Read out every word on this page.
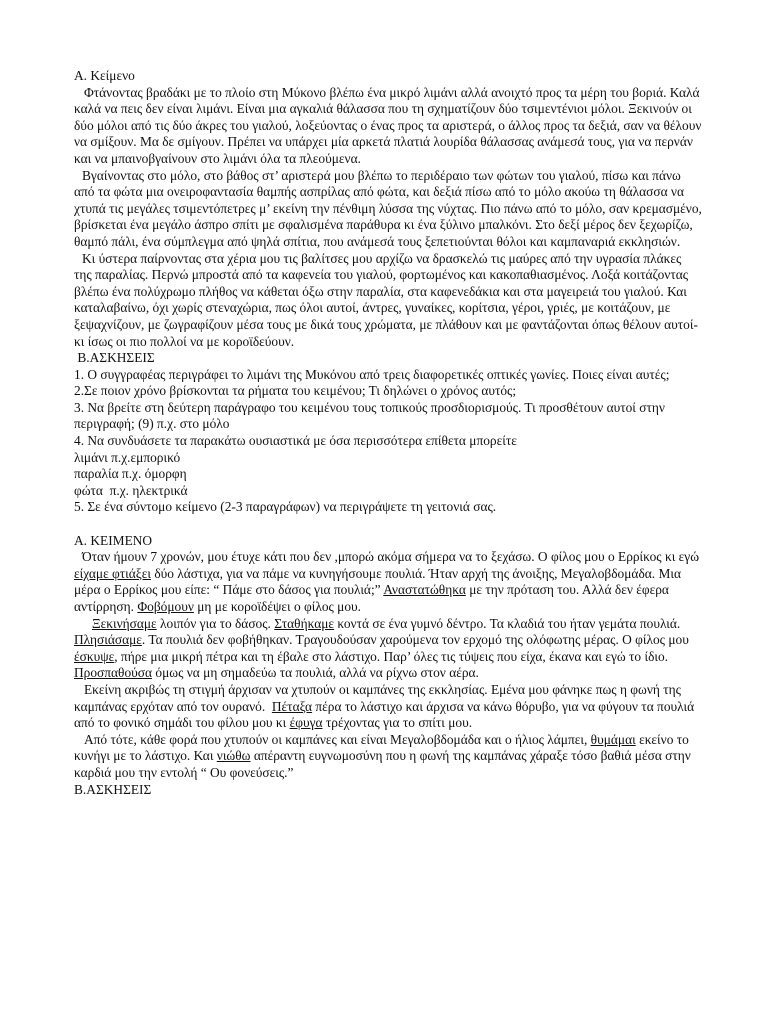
A. Κείμενο

Φτάνοντας βραδάκι με το πλοίο στη Μύκονο βλέπω ένα μικρό λιμάνι αλλά ανοιχτό προς τα μέρη του βοριά. Καλά καλά να πεις δεν είναι λιμάνι. Είναι μια αγκαλιά θάλασσα που τη σχηματίζουν δύο τσιμεντένιοι μόλοι. Ξεκινούν οι δύο μόλοι από τις δύο άκρες του γιαλού, λοξεύοντας ο ένας προς τα αριστερά, ο άλλος προς τα δεξιά, σαν να θέλουν να σμίξουν. Μα δε σμίγουν. Πρέπει να υπάρχει μία αρκετά πλατιά λουρίδα θάλασσας ανάμεσά τους, για να περνάν και να μπαινοβγαίνουν στο λιμάνι όλα τα πλεούμενα.

Βγαίνοντας στο μόλο, στο βάθος στ’ αριστερά μου βλέπω το περιδέραιο των φώτων του γιαλού, πίσω και πάνω από τα φώτα μια ονειροφαντασία θαμπής ασπρίλας από φώτα, και δεξιά πίσω από το μόλο ακούω τη θάλασσα να χτυπά τις μεγάλες τσιμεντόπετρες μ’ εκείνη την πένθιμη λύσσα της νύχτας. Πιο πάνω από το μόλο, σαν κρεμασμένο, βρίσκεται ένα μεγάλο άσπρο σπίτι με σφαλισμένα παράθυρα κι ένα ξύλινο μπαλκόνι. Στο δεξί μέρος δεν ξεχωρίζω, θαμπό πάλι, ένα σύμπλεγμα από ψηλά σπίτια, που ανάμεσά τους ξεπετιούνται θόλοι και καμπαναριά εκκλησιών.

Κι ύστερα παίρνοντας στα χέρια μου τις βαλίτσες μου αρχίζω να δρασκελώ τις μαύρες από την υγρασία πλάκες της παραλίας. Περνώ μπροστά από τα καφενεία του γιαλού, φορτωμένος και κακοπαθιασμένος. Λοξά κοιτάζοντας βλέπω ένα πολύχρωμο πλήθος να κάθεται όξω στην παραλία, στα καφενεδάκια και στα μαγειρειά του γιαλού. Και καταλαβαίνω, όχι χωρίς στεναχώρια, πως όλοι αυτοί, άντρες, γυναίκες, κορίτσια, γέροι, γριές, με κοιτάζουν, με ξεψαχνίζουν, με ζωγραφίζουν μέσα τους με δικά τους χρώματα, με πλάθουν και με φαντάζονται όπως θέλουν αυτοί- κι ίσως οι πιο πολλοί να με κοροϊδεύουν.

B.ΑΣΚΗΣΕΙΣ

1. Ο συγγραφέας περιγράφει το λιμάνι της Μυκόνου από τρεις διαφορετικές οπτικές γωνίες. Ποιες είναι αυτές;

2.Σε ποιον χρόνο βρίσκονται τα ρήματα του κειμένου; Τι δηλώνει ο χρόνος αυτός;

3. Να βρείτε στη δεύτερη παράγραφο του κειμένου τους τοπικούς προσδιορισμούς. Τι προσθέτουν αυτοί στην περιγραφή; (9) π.χ. στο μόλο

4. Να συνδυάσετε τα παρακάτω ουσιαστικά με όσα περισσότερα επίθετα μπορείτε

λιμάνι π.χ.εμπορικό

παραλία π.χ. όμορφη

φώτα  π.χ. ηλεκτρικά

5. Σε ένα σύντομο κείμενο (2-3 παραγράφων) να περιγράψετε τη γειτονιά σας.

A. ΚΕΙΜΕΝΟ

Όταν ήμουν 7 χρονών, μου έτυχε κάτι που δεν ,μπορώ ακόμα σήμερα να το ξεχάσω. Ο φίλος μου ο Ερρίκος κι εγώ είχαμε φτιάξει δύο λάστιχα, για να πάμε να κυνηγήσουμε πουλιά. Ήταν αρχή της άνοιξης, Μεγαλοβδομάδα. Μια μέρα ο Ερρίκος μου είπε: “ Πάμε στο δάσος για πουλιά;” Αναστατώθηκα με την πρόταση του. Αλλά δεν έφερα αντίρρηση. Φοβόμουν μη με κοροϊδέψει ο φίλος μου.

Ξεκινήσαμε λοιπόν για το δάσος. Σταθήκαμε κοντά σε ένα γυμνό δέντρο. Τα κλαδιά του ήταν γεμάτα πουλιά. Πλησιάσαμε. Τα πουλιά δεν φοβήθηκαν. Τραγουδούσαν χαρούμενα τον ερχομό της ολόφωτης μέρας. Ο φίλος μου έσκυψε, πήρε μια μικρή πέτρα και τη έβαλε στο λάστιχο. Παρ’ όλες τις τύψεις που είχα, έκανα και εγώ το ίδιο. Προσπαθούσα όμως να μη σημαδεύω τα πουλιά, αλλά να ρίχνω στον αέρα.

Εκείνη ακριβώς τη στιγμή άρχισαν να χτυπούν οι καμπάνες της εκκλησίας. Εμένα μου φάνηκε πως η φωνή της καμπάνας ερχόταν από τον ουρανό.  Πέταξα πέρα το λάστιχο και άρχισα να κάνω θόρυβο, για να φύγουν τα πουλιά από το φονικό σημάδι του φίλου μου κι έφυγα τρέχοντας για το σπίτι μου.

Από τότε, κάθε φορά που χτυπούν οι καμπάνες και είναι Μεγαλοβδομάδα και ο ήλιος λάμπει, θυμάμαι εκείνο το κυνήγι με το λάστιχο. Και νιώθω απέραντη ευγνωμοσύνη που η φωνή της καμπάνας χάραξε τόσο βαθιά μέσα στην καρδιά μου την εντολή “ Ου φονεύσεις.”

B.ΑΣΚΗΣΕΙΣ
